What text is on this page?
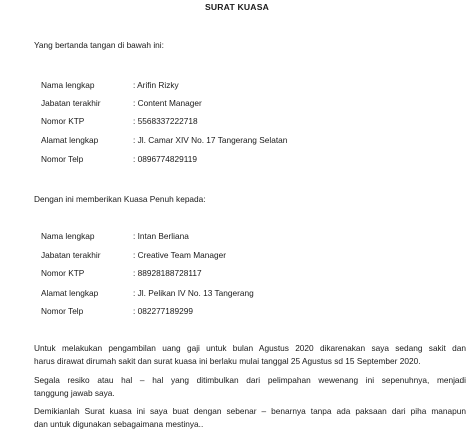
SURAT KUASA
Yang bertanda tangan di bawah ini:
Nama lengkap	: Arifin Rizky
Jabatan terakhir	: Content Manager
Nomor KTP	: 5568337222718
Alamat lengkap	: Jl. Camar XIV No. 17 Tangerang Selatan
Nomor Telp	: 0896774829119
Dengan ini memberikan Kuasa Penuh kepada:
Nama lengkap	: Intan Berliana
Jabatan terakhir	: Creative Team Manager
Nomor KTP	: 88928188728117
Alamat lengkap	: Jl. Pelikan IV No. 13 Tangerang
Nomor Telp	: 082277189299
Untuk melakukan pengambilan uang gaji untuk bulan Agustus 2020 dikarenakan saya sedang sakit dan
harus dirawat dirumah sakit dan surat kuasa ini berlaku mulai tanggal 25 Agustus sd 15 September 2020.
Segala resiko atau hal – hal yang ditimbulkan dari pelimpahan wewenang ini sepenuhnya, menjadi
tanggung jawab saya.
Demikianlah Surat kuasa ini saya buat dengan sebenar – benarnya tanpa ada paksaan dari piha manapun
dan untuk digunakan sebagaimana mestinya..
